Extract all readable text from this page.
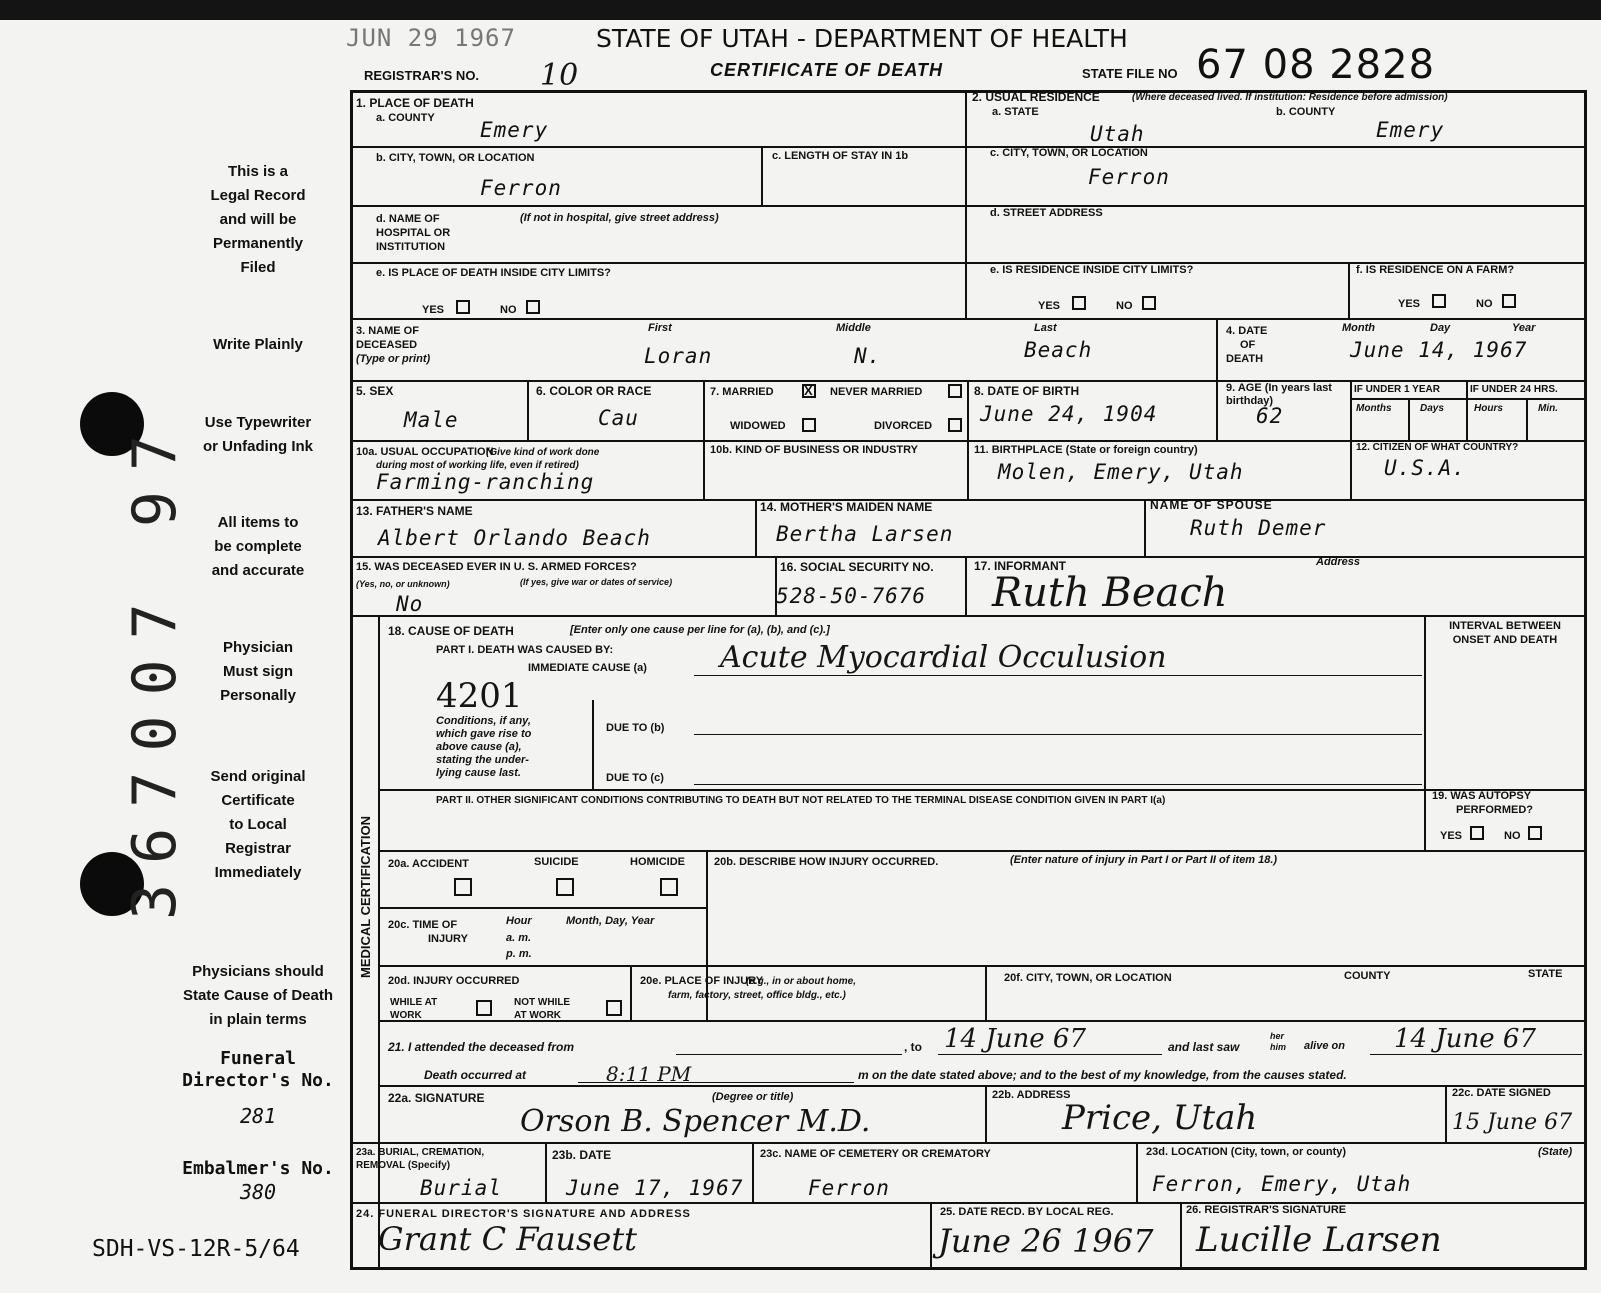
JUN 29 1967	STATE OF UTAH - DEPARTMENT OF HEALTH
REGISTRAR'S NO. 10	CERTIFICATE OF DEATH	STATE FILE NO 67 08 2828
This is a
Legal Record
and will be
Permanently
Filed
Write Plainly
Use Typewriter
or Unfading Ink
All items to
be complete
and accurate
Physician
Must sign
Personally
Send original
Certificate
to Local
Registrar
Immediately
Physicians should
State Cause of Death
in plain terms
Funeral
Director's No.
281
Embalmer's No.
380
SDH-VS-12R-5/64
367007 97
1. PLACE OF DEATH
a. COUNTY Emery
2. USUAL RESIDENCE	(Where deceased lived. If institution: Residence before admission)
a. STATE	b. COUNTY
Utah	Emery
b. CITY, TOWN, OR LOCATION
Ferron
c. LENGTH OF STAY IN 1b	c. CITY, TOWN, OR LOCATION
Ferron
d. NAME OF
HOSPITAL OR
INSTITUTION
(If not in hospital, give street address)	d. STREET ADDRESS
e. IS PLACE OF DEATH INSIDE CITY LIMITS?
YES	NO
e. IS RESIDENCE INSIDE CITY LIMITS?
YES	NO
f. IS RESIDENCE ON A FARM?
YES	NO
3. NAME OF
DECEASED
(Type or print)
First	Middle	Last
Loran	N.	Beach
4. DATE
OF
DEATH
Month	Day	Year
June 14, 1967
5. SEX
Male
6. COLOR OR RACE
Cau
7. MARRIED X NEVER MARRIED
WIDOWED	DIVORCED
8. DATE OF BIRTH
June 24, 1904
9. AGE (In years last birthday)
62
IF UNDER 1 YEAR	IF UNDER 24 HRS.
Months	Days	Hours	Min.
10a. USUAL OCCUPATION
(Give kind of work done
during most of working life, even if retired)
Farming-ranching
10b. KIND OF BUSINESS OR INDUSTRY	11. BIRTHPLACE (State or foreign country)
Molen, Emery, Utah
12. CITIZEN OF WHAT COUNTRY?
U.S.A.
13. FATHER'S NAME
Albert Orlando Beach
14. MOTHER'S MAIDEN NAME
Bertha Larsen
NAME OF SPOUSE
Ruth Demer
15. WAS DECEASED EVER IN U. S. ARMED FORCES?
(Yes, no, or unknown)	(If yes, give war or dates of service)
No
16. SOCIAL SECURITY NO.
528-50-7676
17. INFORMANT	Address
Ruth Beach
MEDICAL CERTIFICATION
18. CAUSE OF DEATH	[Enter only one cause per line for (a), (b), and (c).]	INTERVAL BETWEEN
ONSET AND DEATH
PART I. DEATH WAS CAUSED BY:
IMMEDIATE CAUSE (a) Acute Myocardial Occulusion
4201
Conditions, if any,
which gave rise to
above cause (a),
stating the under-
lying cause last.
DUE TO (b)
DUE TO (c)
PART II. OTHER SIGNIFICANT CONDITIONS CONTRIBUTING TO DEATH BUT NOT RELATED TO THE TERMINAL DISEASE CONDITION GIVEN IN PART I(a)	19. WAS AUTOPSY
PERFORMED?
YES	NO
20a. ACCIDENT	SUICIDE	HOMICIDE	20b. DESCRIBE HOW INJURY OCCURRED.	(Enter nature of injury in Part I or Part II of item 18.)
20c. TIME OF
INJURY
Hour
a. m.
p. m.
Month, Day, Year
20d. INJURY OCCURRED
WHILE AT
WORK
NOT WHILE
AT WORK
20e. PLACE OF INJURY
(e.g., in or about home,
farm, factory, street, office bldg., etc.)
20f. CITY, TOWN, OR LOCATION	COUNTY	STATE
21. I attended the deceased from	, to 14 June 67	and last saw
her
him alive on 14 June 67
Death occurred at	8:11 PM	m on the date stated above; and to the best of my knowledge, from the causes stated.
22a. SIGNATURE	(Degree or title)
Orson B. Spencer M.D.
22b. ADDRESS
Price, Utah
22c. DATE SIGNED
15 June 67
23a. BURIAL, CREMATION,
REMOVAL (Specify)
Burial
23b. DATE
June 17, 1967
23c. NAME OF CEMETERY OR CREMATORY
Ferron
23d. LOCATION (City, town, or county)	(State)
Ferron, Emery, Utah
24. FUNERAL DIRECTOR'S SIGNATURE AND ADDRESS
Grant C Fausett
25. DATE RECD. BY LOCAL REG.
June 26 1967
26. REGISTRAR'S SIGNATURE
Lucille Larsen
